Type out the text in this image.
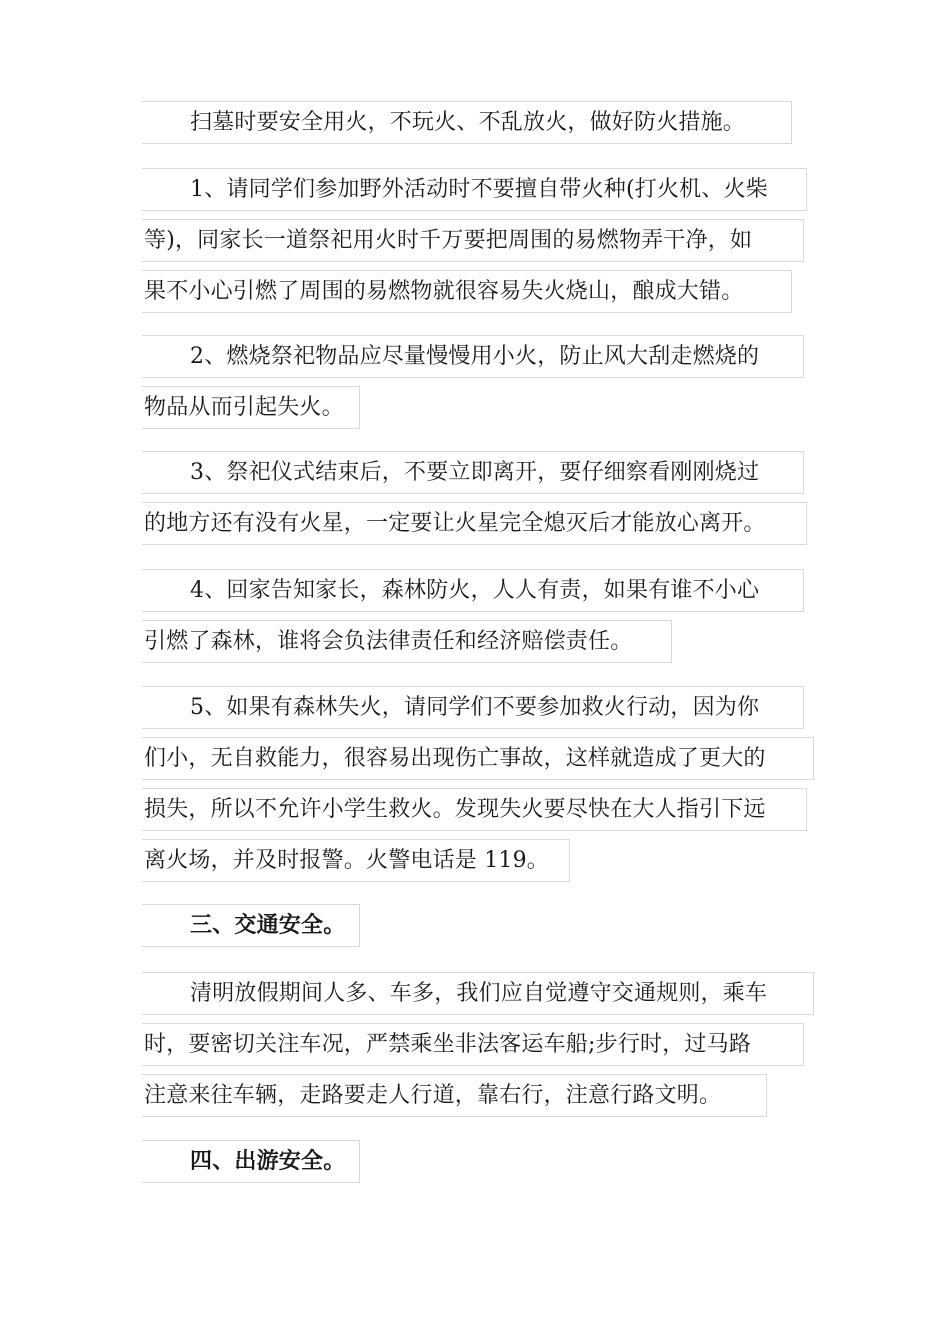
扫墓时要安全用火，不玩火、不乱放火，做好防火措施。
1、请同学们参加野外活动时不要擅自带火种(打火机、火柴
等)，同家长一道祭祀用火时千万要把周围的易燃物弄干净，如
果不小心引燃了周围的易燃物就很容易失火烧山，酿成大错。
2、燃烧祭祀物品应尽量慢慢用小火，防止风大刮走燃烧的
物品从而引起失火。
3、祭祀仪式结束后，不要立即离开，要仔细察看刚刚烧过
的地方还有没有火星，一定要让火星完全熄灭后才能放心离开。
4、回家告知家长，森林防火，人人有责，如果有谁不小心
引燃了森林，谁将会负法律责任和经济赔偿责任。
5、如果有森林失火，请同学们不要参加救火行动，因为你
们小，无自救能力，很容易出现伤亡事故，这样就造成了更大的
损失，所以不允许小学生救火。发现失火要尽快在大人指引下远
离火场，并及时报警。火警电话是 119。
三、交通安全。
清明放假期间人多、车多，我们应自觉遵守交通规则，乘车
时，要密切关注车况，严禁乘坐非法客运车船;步行时，过马路
注意来往车辆，走路要走人行道，靠右行，注意行路文明。
四、出游安全。
